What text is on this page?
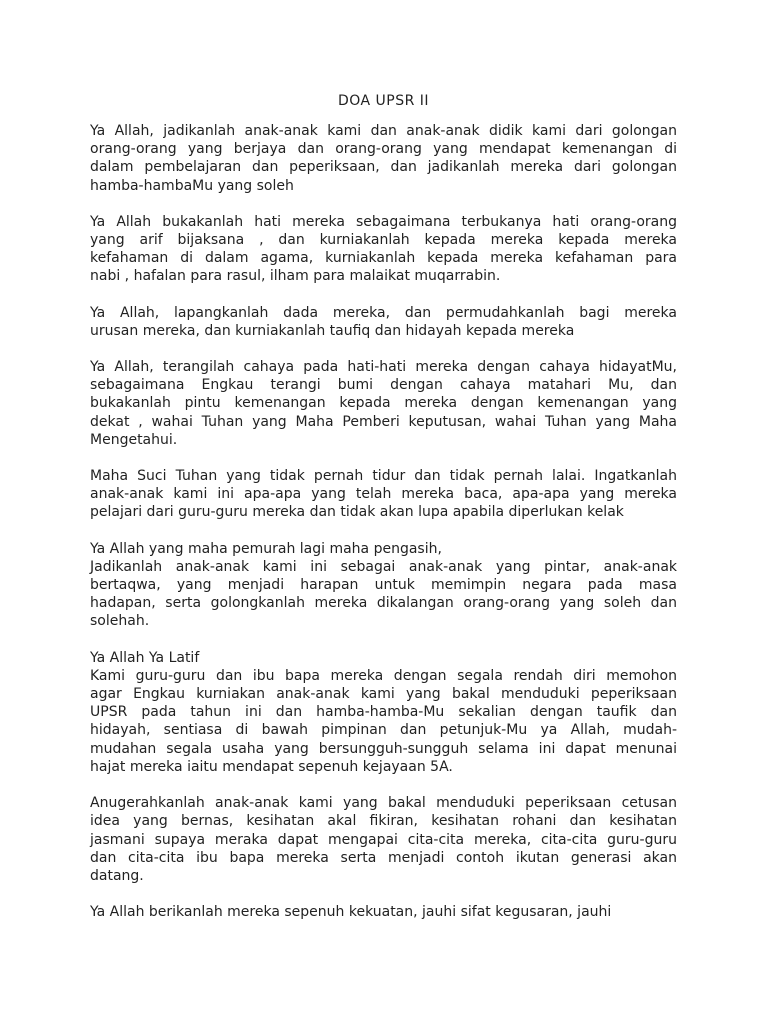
DOA UPSR II
Ya Allah, jadikanlah anak-anak kami dan anak-anak didik kami dari golongan
orang-orang yang berjaya dan orang-orang yang mendapat kemenangan di
dalam pembelajaran dan peperiksaan, dan jadikanlah mereka dari golongan
hamba-hambaMu yang soleh
Ya Allah bukakanlah hati mereka sebagaimana terbukanya hati orang-orang
yang arif bijaksana , dan kurniakanlah kepada mereka kepada mereka
kefahaman di dalam agama, kurniakanlah kepada mereka kefahaman para
nabi , hafalan para rasul, ilham para malaikat muqarrabin.
Ya Allah, lapangkanlah dada mereka, dan permudahkanlah bagi mereka
urusan mereka, dan kurniakanlah taufiq dan hidayah kepada mereka
Ya Allah, terangilah cahaya pada hati-hati mereka dengan cahaya hidayatMu,
sebagaimana Engkau terangi bumi dengan cahaya matahari Mu, dan
bukakanlah pintu kemenangan kepada mereka dengan kemenangan yang
dekat , wahai Tuhan yang Maha Pemberi keputusan, wahai Tuhan yang Maha
Mengetahui.
Maha Suci Tuhan yang tidak pernah tidur dan tidak pernah lalai. Ingatkanlah
anak-anak kami ini apa-apa yang telah mereka baca, apa-apa yang mereka
pelajari dari guru-guru mereka dan tidak akan lupa apabila diperlukan kelak
Ya Allah yang maha pemurah lagi maha pengasih,
Jadikanlah anak-anak kami ini sebagai anak-anak yang pintar, anak-anak
bertaqwa, yang menjadi harapan untuk memimpin negara pada masa
hadapan, serta golongkanlah mereka dikalangan orang-orang yang soleh dan
solehah.
Ya Allah Ya Latif
Kami guru-guru dan ibu bapa mereka dengan segala rendah diri memohon
agar Engkau kurniakan anak-anak kami yang bakal menduduki peperiksaan
UPSR pada tahun ini dan hamba-hamba-Mu sekalian dengan taufik dan
hidayah, sentiasa di bawah pimpinan dan petunjuk-Mu ya Allah, mudah-
mudahan segala usaha yang bersungguh-sungguh selama ini dapat menunai
hajat mereka iaitu mendapat sepenuh kejayaan 5A.
Anugerahkanlah anak-anak kami yang bakal menduduki peperiksaan cetusan
idea yang bernas, kesihatan akal fikiran, kesihatan rohani dan kesihatan
jasmani supaya meraka dapat mengapai cita-cita mereka, cita-cita guru-guru
dan cita-cita ibu bapa mereka serta menjadi contoh ikutan generasi akan
datang.
Ya Allah berikanlah mereka sepenuh kekuatan, jauhi sifat kegusaran, jauhi
